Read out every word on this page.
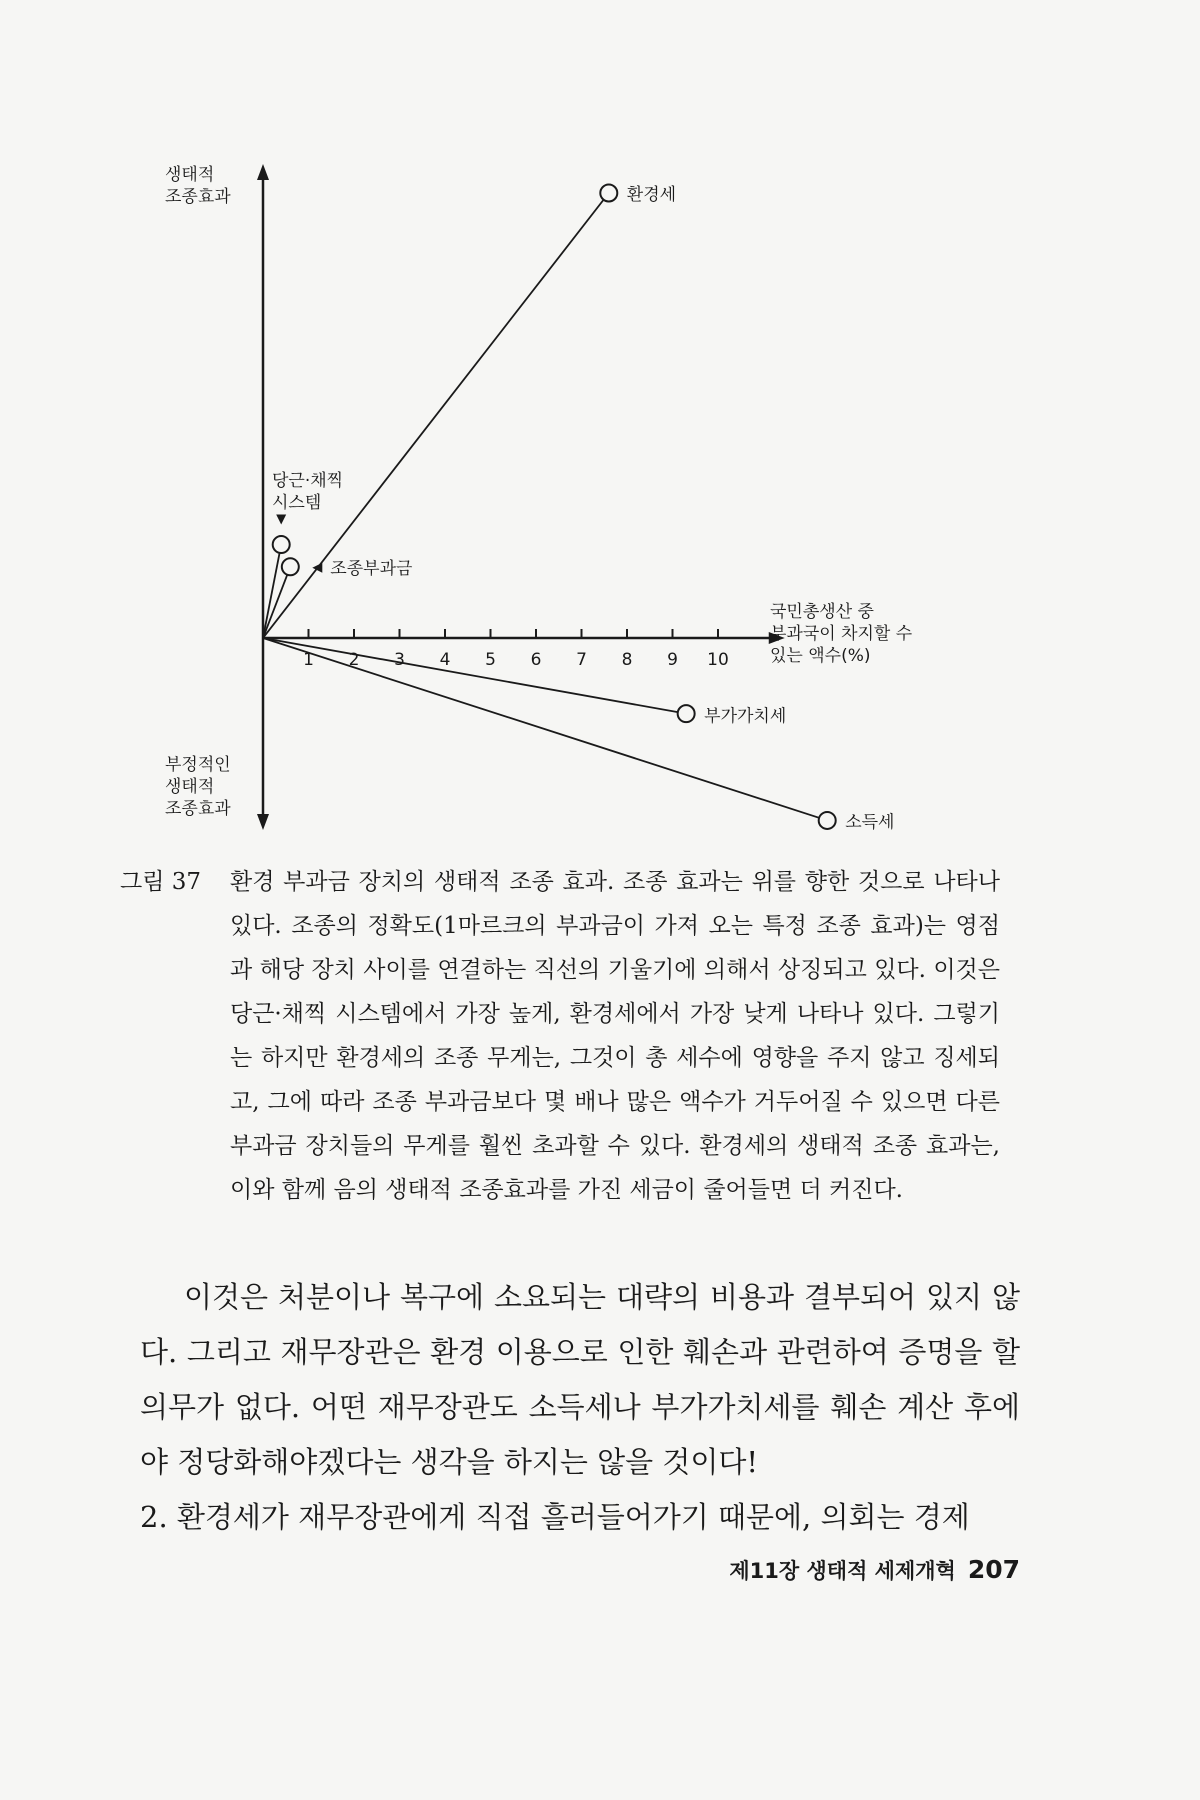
1 2 3 4 5 6 7 8 9 10
생태적 조종효과
부정적인 생태적 조종효과
국민총생산 중 부과국이 차지할 수 있는 액수(%)
환경세
부가가치세
소득세
당근·채찍 시스템
조종부과금
그림 37	환경 부과금 장치의 생태적 조종 효과. 조종 효과는 위를 향한 것으로 나타나 있다. 조종의 정확도(1마르크의 부과금이 가져 오는 특정 조종 효과)는 영점과 해당 장치 사이를 연결하는 직선의 기울기에 의해서 상징되고 있다. 이것은 당근·채찍 시스템에서 가장 높게, 환경세에서 가장 낮게 나타나 있다. 그렇기는 하지만 환경세의 조종 무게는, 그것이 총 세수에 영향을 주지 않고 징세되고, 그에 따라 조종 부과금보다 몇 배나 많은 액수가 거두어질 수 있으면 다른 부과금 장치들의 무게를 훨씬 초과할 수 있다. 환경세의 생태적 조종 효과는, 이와 함께 음의 생태적 조종효과를 가진 세금이 줄어들면 더 커진다.

이것은 처분이나 복구에 소요되는 대략의 비용과 결부되어 있지 않다. 그리고 재무장관은 환경 이용으로 인한 훼손과 관련하여 증명을 할 의무가 없다. 어떤 재무장관도 소득세나 부가가치세를 훼손 계산 후에야 정당화해야겠다는 생각을 하지는 않을 것이다!

2. 환경세가 재무장관에게 직접 흘러들어가기 때문에, 의회는 경제

제11장 생태적 세제개혁 207
